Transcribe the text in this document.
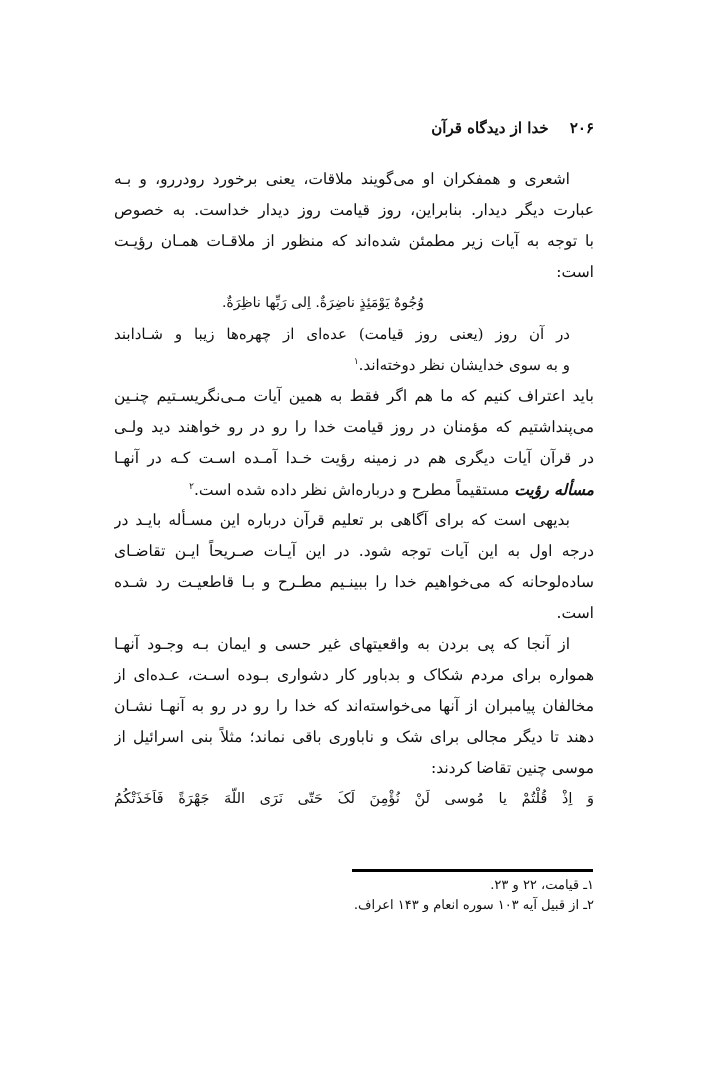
۲۰۶ خدا از دیدگاه قرآن
اشعری و همفکران او می‌گویند ملاقات، یعنی برخورد رودررو، و بـه
عبارت دیگر دیدار. بنابراین، روز قیامت روز دیدار خداست. به خصوص
با توجه به آیات زیر مطمئن شده‌اند که منظور از ملاقـات همـان رؤیـت
است:
وُجُوهٌ یَوْمَئِذٍ ناضِرَةٌ. اِلی رَبِّها ناظِرَةٌ.
در آن روز (یعنی روز قیامت) عده‌ای از چهره‌ها زیبا و شـادابند
و به سوی خدایشان نظر دوخته‌اند.$^۱$
باید اعتراف کنیم که ما هم اگر فقط به همین آیات مـی‌نگریسـتیم چنـین
می‌پنداشتیم که مؤمنان در روز قیامت خدا را رو در رو خواهند دید ولـی
در قرآن آیات دیگری هم در زمینه رؤیت خـدا آمـده اسـت کـه در آنهـا
مسأله رؤیت مستقیماً مطرح و درباره‌اش نظر داده شده است.$^۲$
بدیهی است که برای آگاهی بر تعلیم قرآن درباره این مسـأله بایـد در
درجه اول به این آیات توجه شود. در این آیـات صـریحاً ایـن تقاضـای
ساده‌لوحانه که می‌خواهیم خدا را ببینـیم مطـرح و بـا قاطعیـت رد شـده
است.
از آنجا که پی بردن به واقعیتهای غیر حسی و ایمان بـه وجـود آنهـا
همواره برای مردم شکاک و بدباور کار دشواری بـوده اسـت، عـده‌ای از
مخالفان پیامبران از آنها می‌خواسته‌اند که خدا را رو در رو به آنهـا نشـان
دهند تا دیگر مجالی برای شک و ناباوری باقی نماند؛ مثلاً بنی اسرائیل از
موسی چنین تقاضا کردند:
وَ اِذْ قُلْتُمْ یا مُوسی لَنْ نُؤْمِنَ لَکَ حَتّی نَرَی اللّهَ جَهْرَةً فَاَخَذَتْکُمُ
۱ـ قیامت، ۲۲ و ۲۳.
۲ـ از قبیل آیه ۱۰۳ سوره انعام و ۱۴۳ اعراف.
